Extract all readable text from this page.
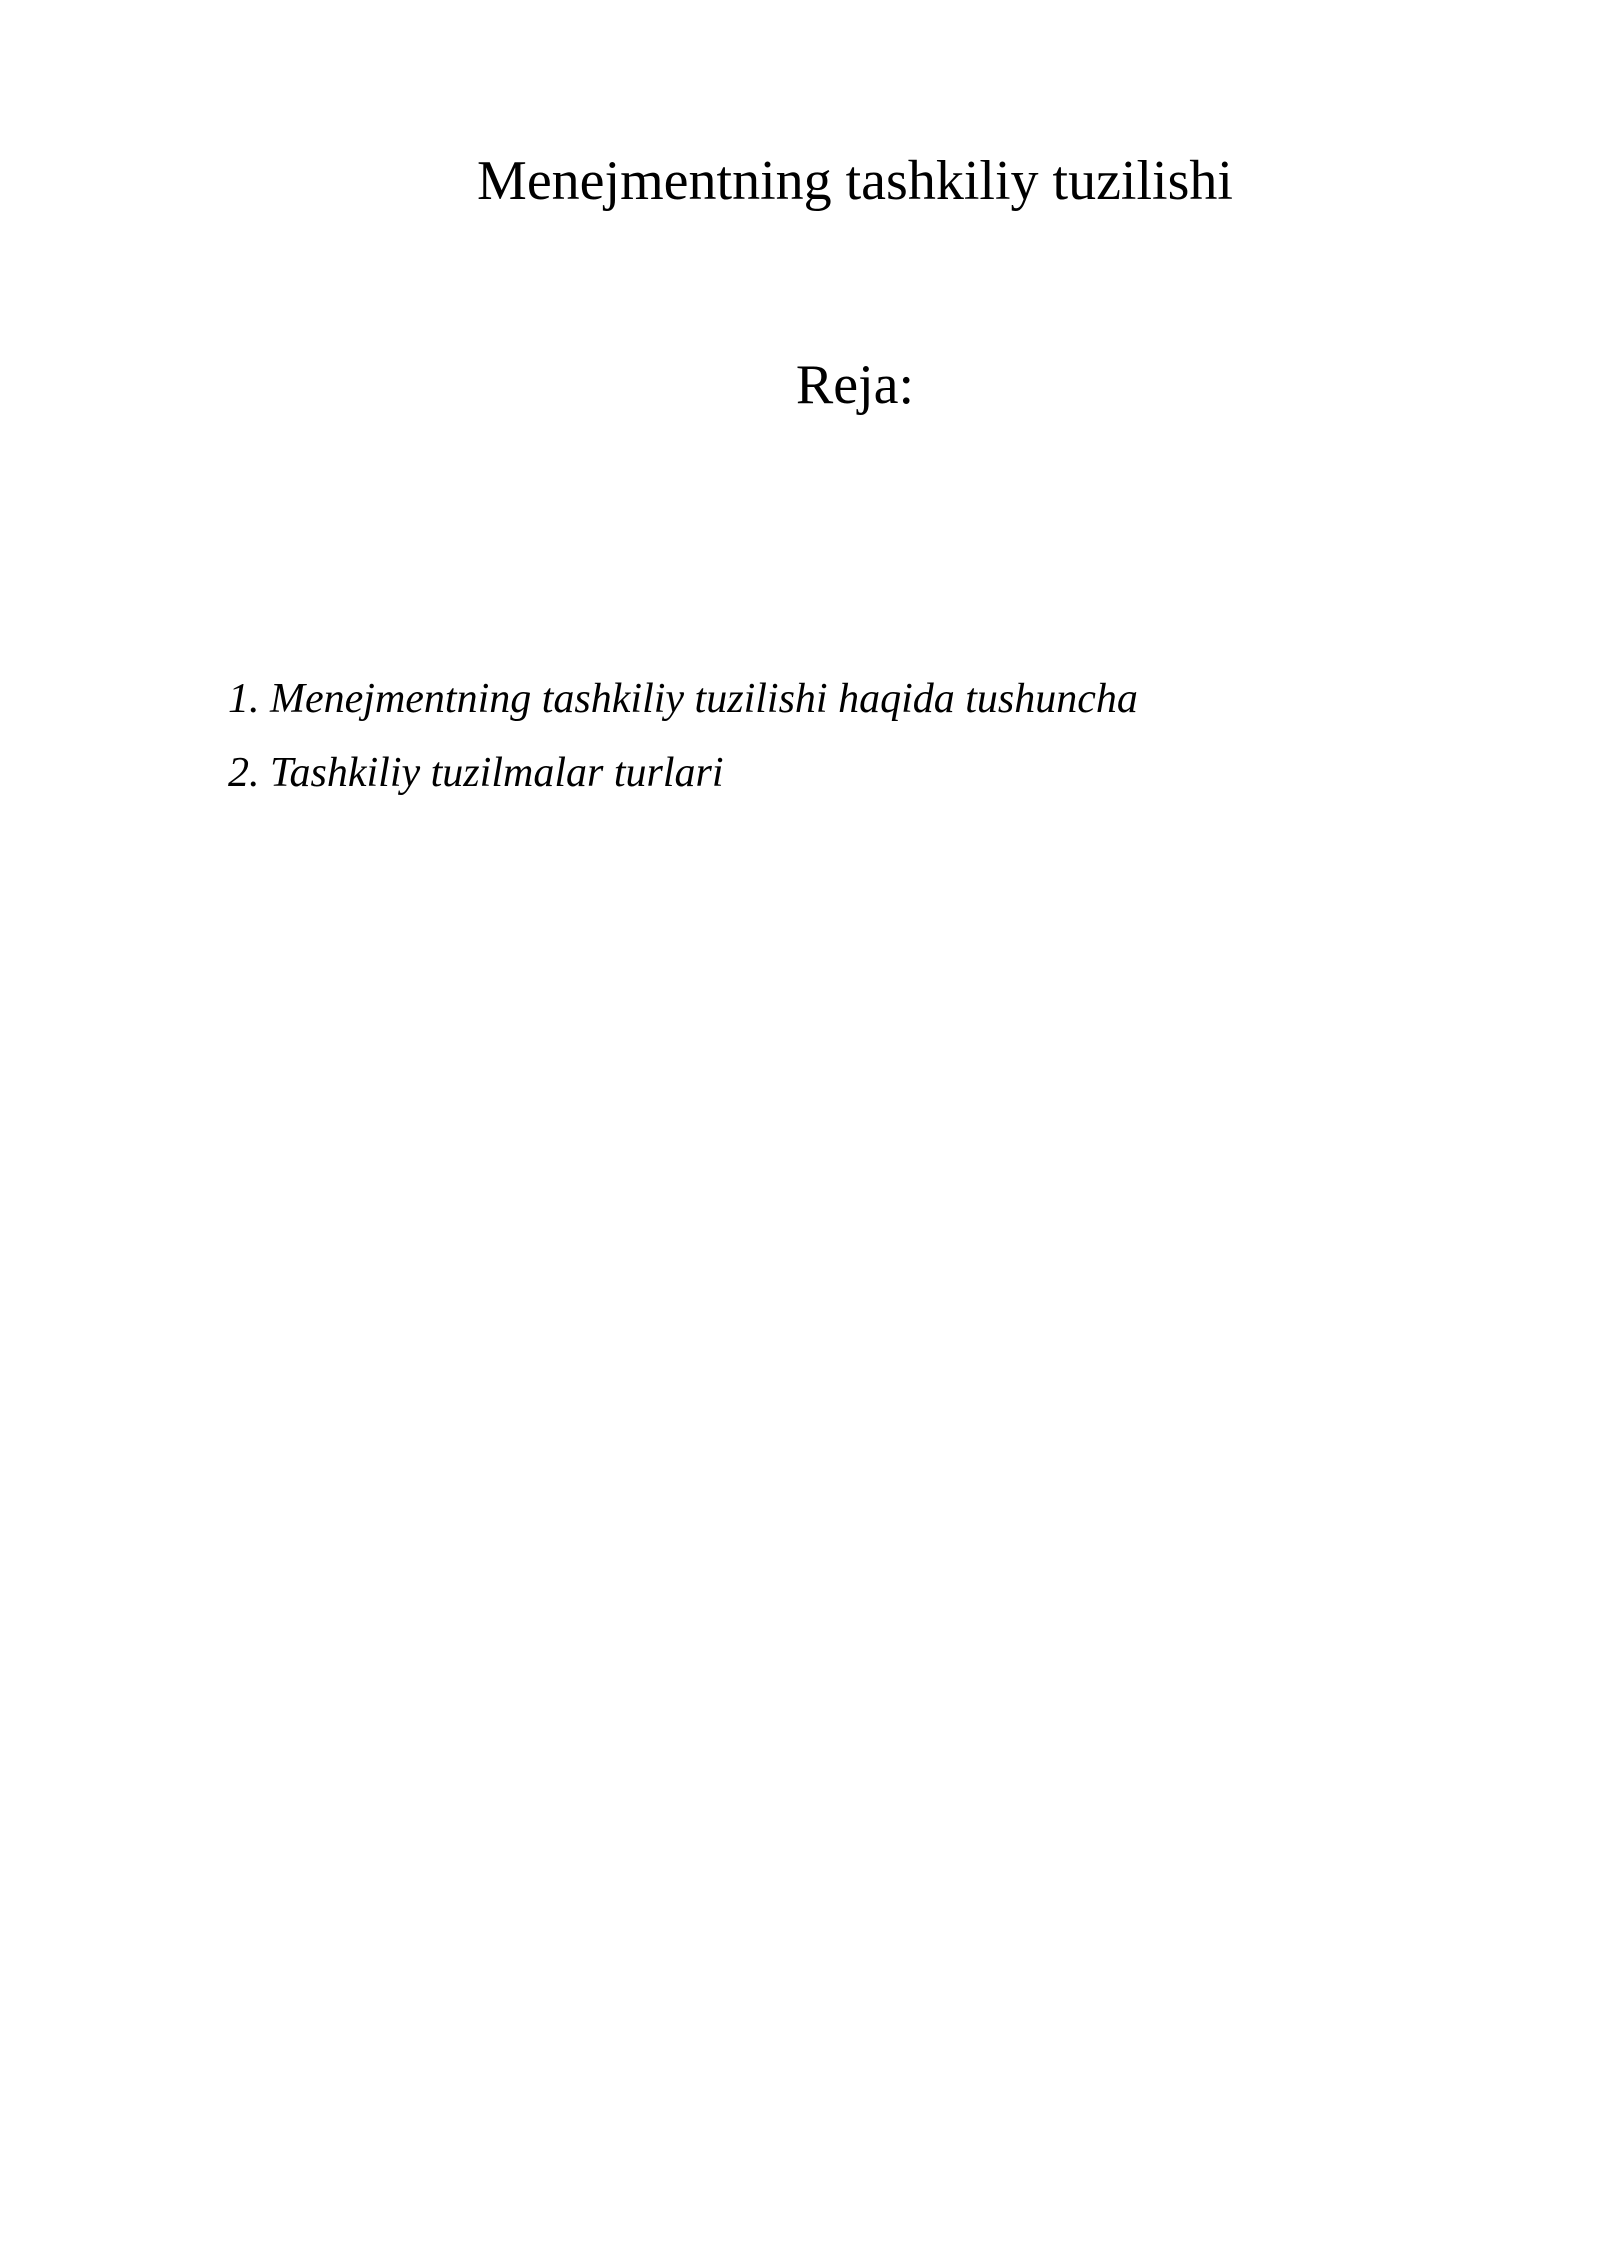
Menejmentning tashkiliy tuzilishi
Reja:
1. Menejmentning tashkiliy tuzilishi haqida tushuncha
2. Tashkiliy tuzilmalar turlari
